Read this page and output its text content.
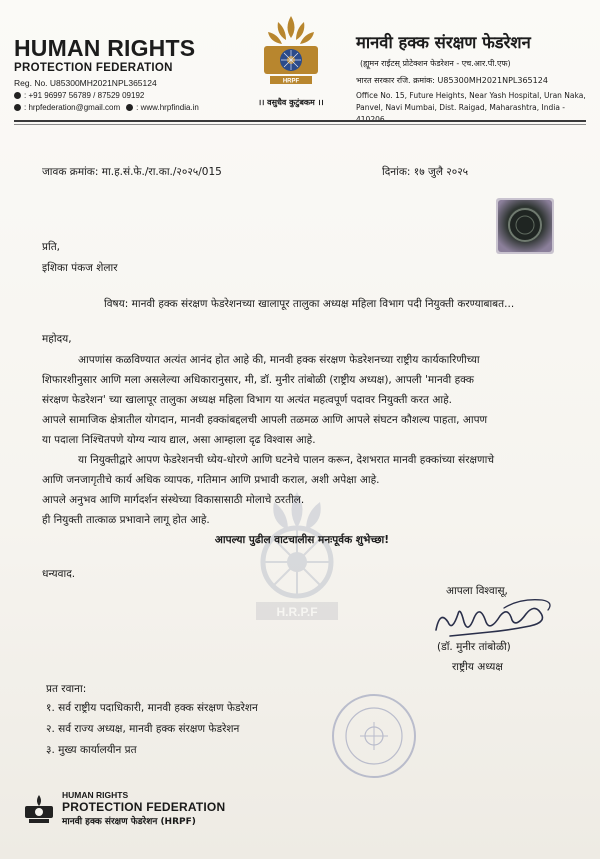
HUMAN RIGHTS
PROTECTION FEDERATION
Reg. No. U85300MH2021NPL365124
: +91 96997 56789 / 87529 09192
: hrpfederation@gmail.com : www.hrpfindia.in
HRPF
।। वसुधैव कुटुंबकम ।।
मानवी हक्क संरक्षण फेडरेशन
(ह्यूमन राईटस् प्रोटेक्शन फेडरेशन - एच.आर.पी.एफ)
भारत सरकार रजि. क्रमांक: U85300MH2021NPL365124
Office No. 15, Future Heights, Near Yash Hospital, Uran Naka,
Panvel, Navi Mumbai, Dist. Raigad, Maharashtra, India -
जावक क्रमांक: मा.ह.सं.फे./रा.का./२०२५/015	दिनांक: १७ जुलै २०२५
प्रति,
इशिका पंकज शेलार
विषय: मानवी हक्क संरक्षण फेडरेशनच्या खालापूर तालुका अध्यक्ष महिला विभाग पदी नियुक्ती करण्याबाबत...
H.R.P.F
महोदय,

आपणांस कळविण्यात अत्यंत आनंद होत आहे की, मानवी हक्क संरक्षण फेडरेशनच्या राष्ट्रीय कार्यकारिणीच्या

शिफारशीनुसार आणि मला असलेल्या अधिकारानुसार, मी, डॉ. मुनीर तांबोळी (राष्ट्रीय अध्यक्ष), आपली 'मानवी हक्क

संरक्षण फेडरेशन' च्या खालापूर तालुका अध्यक्ष महिला विभाग या अत्यंत महत्वपूर्ण पदावर नियुक्ती करत आहे.

आपले सामाजिक क्षेत्रातील योगदान, मानवी हक्कांबद्दलची आपली तळमळ आणि आपले संघटन कौशल्य पाहता, आपण

या पदाला निश्चितपणे योग्य न्याय द्याल, असा आम्हाला दृढ विश्वास आहे.

या नियुक्तीद्वारे आपण फेडरेशनची ध्येय-धोरणे आणि घटनेचे पालन करून, देशभरात मानवी हक्कांच्या संरक्षणाचे

आणि जनजागृतीचे कार्य अधिक व्यापक, गतिमान आणि प्रभावी कराल, अशी अपेक्षा आहे.

आपले अनुभव आणि मार्गदर्शन संस्थेच्या विकासासाठी मोलाचे ठरतील.

ही नियुक्ती तात्काळ प्रभावाने लागू होत आहे.

आपल्या पुढील वाटचालीस मनःपूर्वक शुभेच्छा!

धन्यवाद.
आपला विश्वासू,
(डॉ. मुनीर तांबोळी)
राष्ट्रीय अध्यक्ष
प्रत रवाना:
१. सर्व राष्ट्रीय पदाधिकारी, मानवी हक्क संरक्षण फेडरेशन
२. सर्व राज्य अध्यक्ष, मानवी हक्क संरक्षण फेडरेशन
३. मुख्य कार्यालयीन प्रत
HUMAN RIGHTS
PROTECTION FEDERATION
मानवी हक्क संरक्षण फेडरेशन (HRPF)
